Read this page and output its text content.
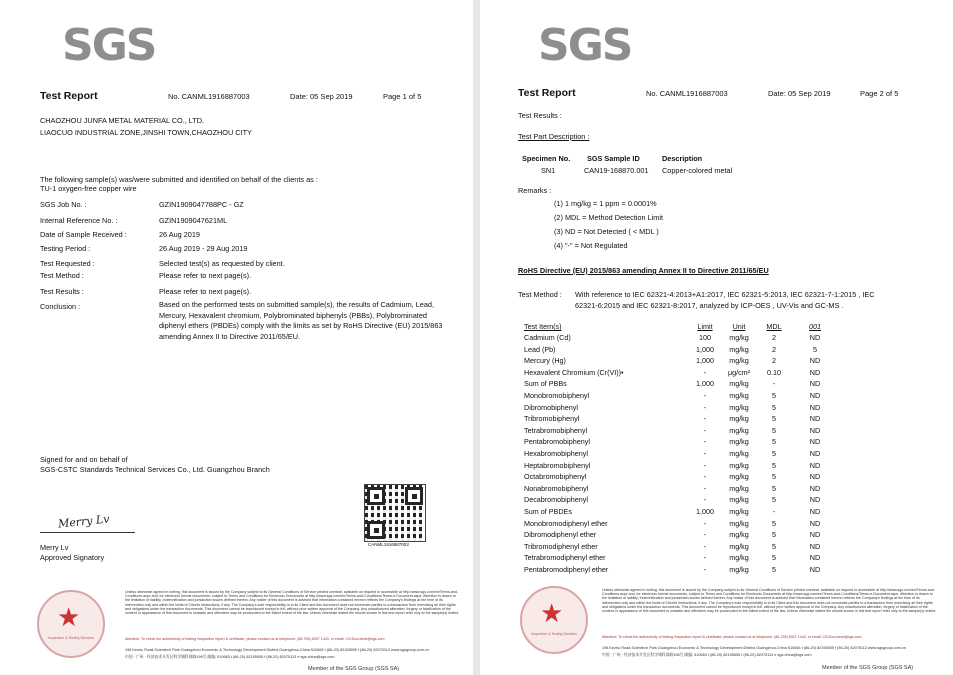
SGS
Test Report	No. CANML1916887003	Date: 05 Sep 2019	Page 1 of 5
CHAOZHOU JUNFA METAL MATERIAL CO., LTD.
LIAOCUO INDUSTRIAL ZONE,JINSHI TOWN,CHAOZHOU CITY
The following sample(s) was/were submitted and identified on behalf of the clients as :
TU-1 oxygen-free copper wire
SGS Job No. :	GZIN1909047788PC - GZ
Internal Reference No. :	GZIN1909047621ML
Date of Sample Received :	26 Aug 2019
Testing Period :	26 Aug 2019 - 29 Aug 2019
Test Requested :	Selected test(s) as requested by client.
Test Method :	Please refer to next page(s).
Test Results :	Please refer to next page(s).
Conclusion :	Based on the performed tests on submitted sample(s), the results of Cadmium, Lead, Mercury, Hexavalent chromium, Polybrominated biphenyls (PBBs), Polybrominated diphenyl ethers (PBDEs) comply with the limits as set by RoHS Directive (EU) 2015/863 amending Annex II to Directive 2011/65/EU.
Signed for and on behalf of
SGS-CSTC Standards Technical Services Co., Ltd. Guangzhou Branch
Merry Lv
Merry Lv
Approved Signatory
CANML1916887003
★
Inspection & Testing Services
Unless otherwise agreed in writing, this document is issued by the Company subject to its General Conditions of Service printed overleaf, available on request or accessible at http://www.sgs.com/en/Terms-and-Conditions.aspx and, for electronic format documents, subject to Terms and Conditions for Electronic Documents at http://www.sgs.com/en/Terms-and-Conditions/Terms-e-Document.aspx. Attention is drawn to the limitation of liability, indemnification and jurisdiction issues defined therein. Any holder of this document is advised that information contained hereon reflects the Company's findings at the time of its intervention only and within the limits of Client's instructions, if any. The Company's sole responsibility is to its Client and this document does not exonerate parties to a transaction from exercising all their rights and obligations under the transaction documents. This document cannot be reproduced except in full, without prior written approval of the Company. Any unauthorized alteration, forgery or falsification of the content or appearance of this document is unlawful and offenders may be prosecuted to the fullest extent of the law. Unless otherwise stated the results shown in this test report refer only to the sample(s) tested.
Attention: To check the authenticity of testing /inspection report & certificate, please contact us at telephone: (86-755) 8307 1443, or email: CN.Doccheck@sgs.com
198 Kezhu Road,Scientech Park Guangzhou Economic & Technology Development District,Guangzhou,China 510663 t (86-20) 82155555 f (86-20) 82075113 www.sgsgroup.com.cn
中国 · 广州 · 经济技术开发区科学城科珠路198号 邮编: 510663 t (86-20) 82155555 f (86-20) 82075113 e sgs.china@sgs.com
Member of the SGS Group (SGS SA)
SGS
Test Report	No. CANML1916887003	Date: 05 Sep 2019	Page 2 of 5
Test Results :
Test Part Description :
Specimen No. SGS Sample ID	Description
SN1	CAN19-168870.001 Copper-colored metal
Remarks :
(1) 1 mg/kg = 1 ppm = 0.0001%
(2) MDL = Method Detection Limit
(3) ND = Not Detected ( < MDL )
(4) "-" = Not Regulated
RoHS Directive (EU) 2015/863 amending Annex II to Directive 2011/65/EU
Test Method : With reference to IEC 62321-4:2013+A1:2017, IEC 62321-5:2013, IEC 62321-7-1:2015 , IEC
62321-6:2015 and IEC 62321-8:2017, analyzed by ICP-OES , UV-Vis and GC-MS .
Test Item(s)	Limit	Unit	MDL	001
Cadmium (Cd)	100	mg/kg	2	ND
Lead (Pb)	1,000	mg/kg	2	5
Mercury (Hg)	1,000	mg/kg	2	ND
Hexavalent Chromium (Cr(VI))•	-	μg/cm²	0.10	ND
Sum of PBBs	1,000	mg/kg	-	ND
Monobromobiphenyl	-	mg/kg	5	ND
Dibromobiphenyl	-	mg/kg	5	ND
Tribromobiphenyl	-	mg/kg	5	ND
Tetrabromobiphenyl	-	mg/kg	5	ND
Pentabromobiphenyl	-	mg/kg	5	ND
Hexabromobiphenyl	-	mg/kg	5	ND
Heptabromobiphenyl	-	mg/kg	5	ND
Octabromobiphenyl	-	mg/kg	5	ND
Nonabromobiphenyl	-	mg/kg	5	ND
Decabromobiphenyl	-	mg/kg	5	ND
Sum of PBDEs	1,000	mg/kg	-	ND
Monobromodiphenyl ether	-	mg/kg	5	ND
Dibromodiphenyl ether	-	mg/kg	5	ND
Tribromodiphenyl ether	-	mg/kg	5	ND
Tetrabromodiphenyl ether	-	mg/kg	5	ND
Pentabromodiphenyl ether	-	mg/kg	5	ND
★
Inspection & Testing Services
Unless otherwise agreed in writing, this document is issued by the Company subject to its General Conditions of Service printed overleaf, available on request or accessible at http://www.sgs.com/en/Terms-and-Conditions.aspx and, for electronic format documents, subject to Terms and Conditions for Electronic Documents at http://www.sgs.com/en/Terms-and-Conditions/Terms-e-Document.aspx. Attention is drawn to the limitation of liability, indemnification and jurisdiction issues defined therein. Any holder of this document is advised that information contained hereon reflects the Company's findings at the time of its intervention only and within the limits of Client's instructions, if any. The Company's sole responsibility is to its Client and this document does not exonerate parties to a transaction from exercising all their rights and obligations under the transaction documents. This document cannot be reproduced except in full, without prior written approval of the Company. Any unauthorized alteration, forgery or falsification of the content or appearance of this document is unlawful and offenders may be prosecuted to the fullest extent of the law. Unless otherwise stated the results shown in this test report refer only to the sample(s) tested.
Attention: To check the authenticity of testing /inspection report & certificate, please contact us at telephone: (86-755) 8307 1443, or email: CN.Doccheck@sgs.com
198 Kezhu Road,Scientech Park Guangzhou Economic & Technology Development District,Guangzhou,China 510663 t (86-20) 82155555 f (86-20) 82075113 www.sgsgroup.com.cn
中国 · 广州 · 经济技术开发区科学城科珠路198号 邮编: 510663 t (86-20) 82155555 f (86-20) 82075113 e sgs.china@sgs.com
Member of the SGS Group (SGS SA)
